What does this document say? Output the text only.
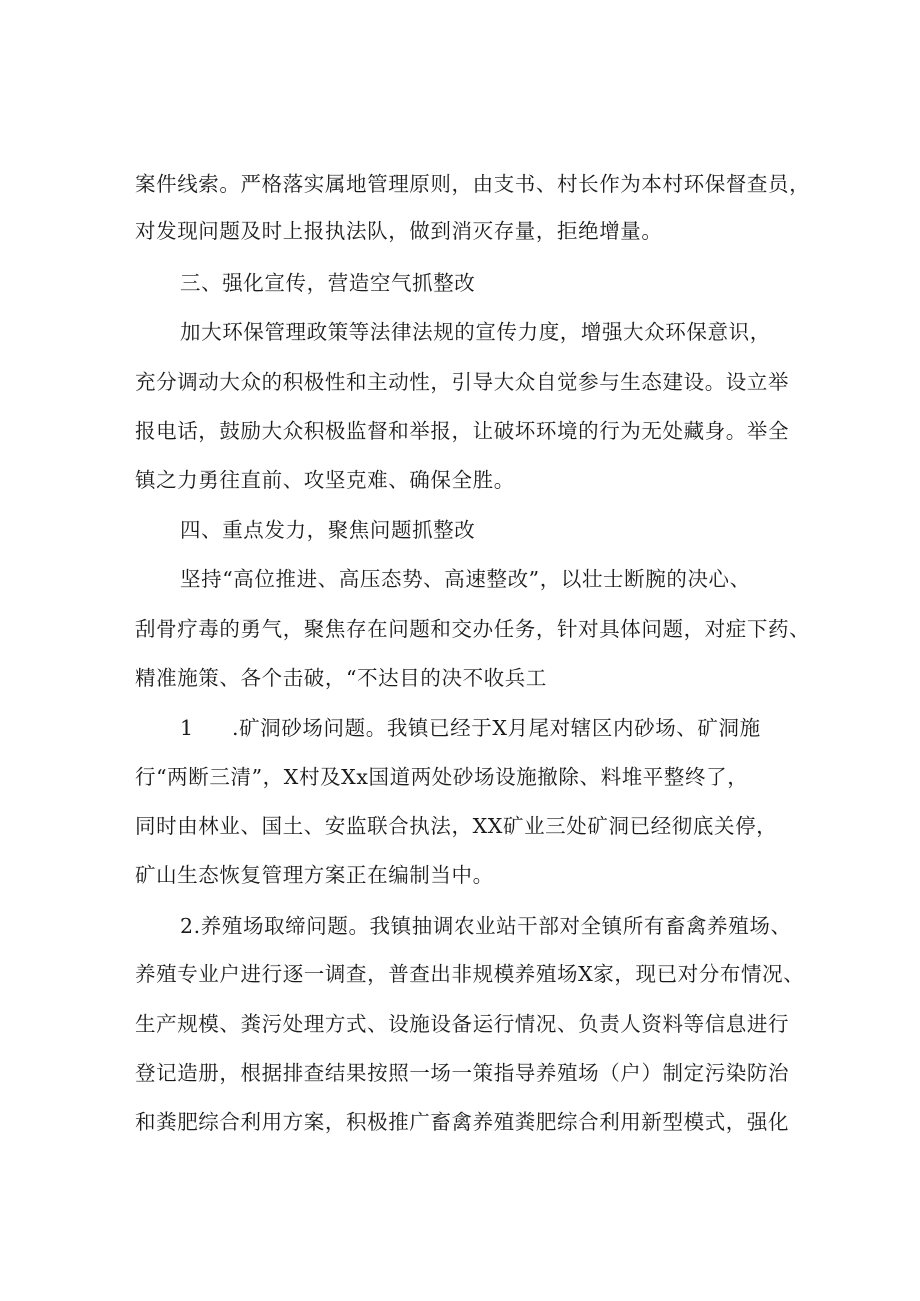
案件线索。严格落实属地管理原则，由支书、村长作为本村环保督查员，
对发现问题及时上报执法队，做到消灭存量，拒绝增量。
三、强化宣传，营造空气抓整改
加大环保管理政策等法律法规的宣传力度，增强大众环保意识，
充分调动大众的积极性和主动性，引导大众自觉参与生态建设。设立举
报电话，鼓励大众积极监督和举报，让破坏环境的行为无处藏身。举全
镇之力勇往直前、攻坚克难、确保全胜。
四、重点发力，聚焦问题抓整改
坚持“高位推进、高压态势、高速整改”，以壮士断腕的决心、
刮骨疗毒的勇气，聚焦存在问题和交办任务，针对具体问题，对症下药、
精准施策、各个击破，“不达目的决不收兵工
1	.矿洞砂场问题。我镇已经于X月尾对辖区内砂场、矿洞施
行“两断三清”，X村及Xx国道两处砂场设施撤除、料堆平整终了，
同时由林业、国土、安监联合执法，XX矿业三处矿洞已经彻底关停，
矿山生态恢复管理方案正在编制当中。
2.养殖场取缔问题。我镇抽调农业站干部对全镇所有畜禽养殖场、
养殖专业户进行逐一调查，普查出非规模养殖场X家，现已对分布情况、
生产规模、粪污处理方式、设施设备运行情况、负责人资料等信息进行
登记造册，根据排查结果按照一场一策指导养殖场（户）制定污染防治
和粪肥综合利用方案，积极推广畜禽养殖粪肥综合利用新型模式，强化
